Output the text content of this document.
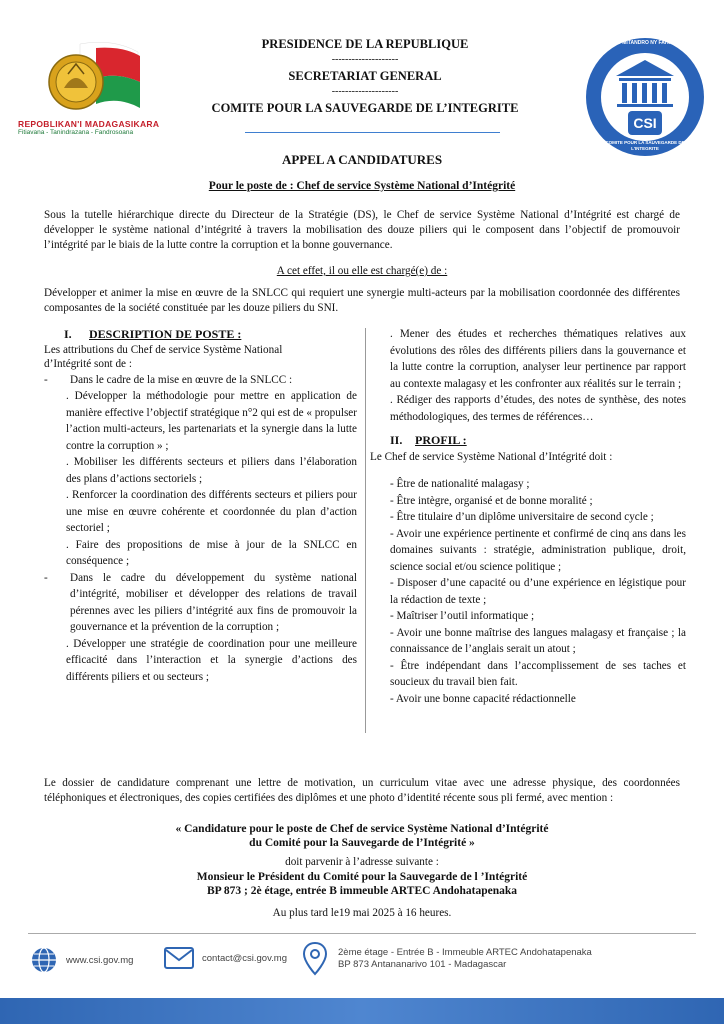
REPOBLIKAN'I MADAGASIKARA
Fitiavana - Tanindrazana - Fandrosoana
PRESIDENCE DE LA REPUBLIQUE
--------------------
SECRETARIAT GENERAL
--------------------
COMITE POUR LA SAUVEGARDE DE L’INTEGRITE
CSI
KOMITY MITANDRO NY FAHITSIANA
COMITE POUR LA SAUVEGARDE DE L'INTEGRITE
APPEL A CANDIDATURES
Pour le poste de : Chef de service Système National d’Intégrité
Sous la tutelle hiérarchique directe du Directeur de la Stratégie (DS), le Chef de service Système National d’Intégrité est chargé de développer le système national d’intégrité à travers la mobilisation des douze piliers qui le composent dans l’objectif de promouvoir l’intégrité par le biais de la lutte contre la corruption et la bonne gouvernance.
A cet effet, il ou elle est chargé(e) de :
Développer et animer la mise en œuvre de la SNLCC qui requiert une synergie multi-acteurs par la mobilisation coordonnée des différentes composantes de la société constituée par les douze piliers du SNI.
I. DESCRIPTION DE POSTE :
Les attributions du Chef de service Système National d’Intégrité sont de :
-	Dans le cadre de la mise en œuvre de la SNLCC :
. Développer la méthodologie pour mettre en application de manière effective l’objectif stratégique n°2 qui est de « propulser l’action multi-acteurs, les partenariats et la synergie dans la lutte contre la corruption » ;
. Mobiliser les différents secteurs et piliers dans l’élaboration des plans d’actions sectoriels ;
. Renforcer la coordination des différents secteurs et piliers pour une mise en œuvre cohérente et coordonnée du plan d’action sectoriel ;
. Faire des propositions de mise à jour de la SNLCC en conséquence ;
-	Dans le cadre du développement du système national d’intégrité, mobiliser et développer des relations de travail pérennes avec les piliers d’intégrité aux fins de promouvoir la gouvernance et la prévention de la corruption ;
. Développer une stratégie de coordination pour une meilleure efficacité dans l’interaction et la synergie d’actions des différents piliers et ou secteurs ;
. Mener des études et recherches thématiques relatives aux évolutions des rôles des différents piliers dans la gouvernance et la lutte contre la corruption, analyser leur pertinence par rapport au contexte malagasy et les confronter aux réalités sur le terrain ;
. Rédiger des rapports d’études, des notes de synthèse, des notes méthodologiques, des termes de références…
II. PROFIL :
Le Chef de service Système National d’Intégrité doit :
- Être de nationalité malagasy ;
- Être intègre, organisé et de bonne moralité ;
- Être titulaire d’un diplôme universitaire de second cycle ;
- Avoir une expérience pertinente et confirmé de cinq ans dans les domaines suivants : stratégie, administration publique, droit, science social et/ou science politique ;
- Disposer d’une capacité ou d’une expérience en légistique pour la rédaction de texte ;
- Maîtriser l’outil informatique ;
- Avoir une bonne maîtrise des langues malagasy et française ; la connaissance de l’anglais serait un atout ;
- Être indépendant dans l’accomplissement de ses taches et soucieux du travail bien fait.
- Avoir une bonne capacité rédactionnelle
Le dossier de candidature comprenant une lettre de motivation, un curriculum vitae avec une adresse physique, des coordonnées téléphoniques et électroniques, des copies certifiées des diplômes et une photo d’identité récente sous pli fermé, avec mention :
« Candidature pour le poste de Chef de service Système National d’Intégrité
du Comité pour la Sauvegarde de l’Intégrité »
doit parvenir à l’adresse suivante :
Monsieur le Président du Comité pour la Sauvegarde de l ’Intégrité
BP 873 ; 2è étage, entrée B immeuble ARTEC Andohatapenaka
Au plus tard le19 mai 2025 à 16 heures.
www.csi.gov.mg	contact@csi.gov.mg	2ème étage - Entrée B - Immeuble ARTEC Andohatapenaka
BP 873 Antananarivo 101 - Madagascar
